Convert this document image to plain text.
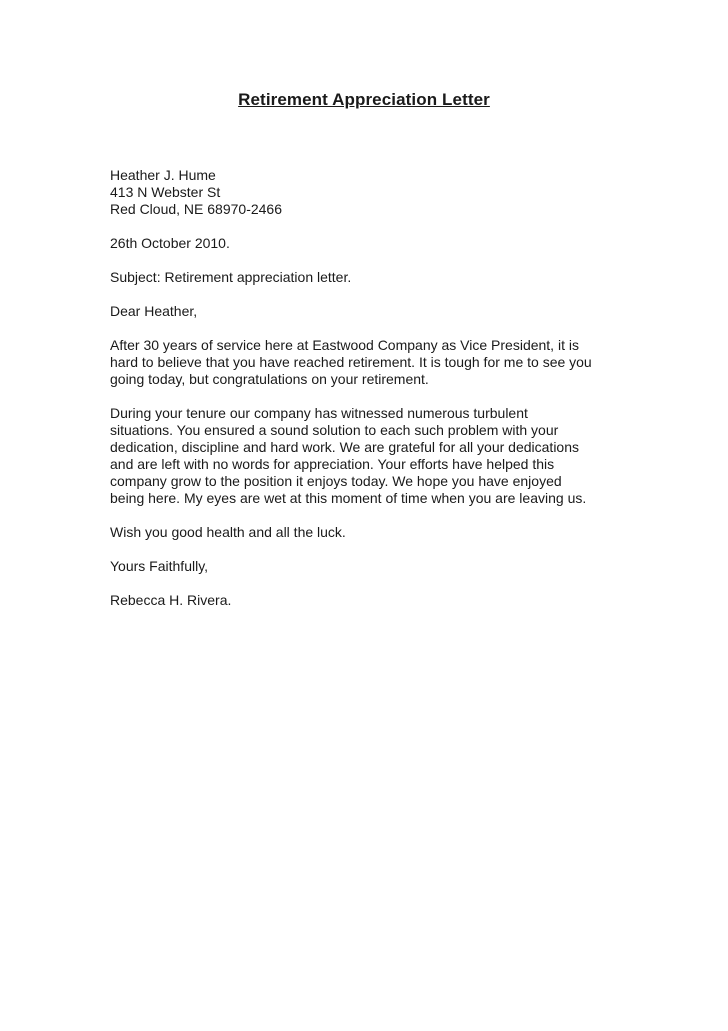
Retirement Appreciation Letter
Heather J. Hume
413 N Webster St
Red Cloud, NE 68970-2466
26th October 2010.
Subject: Retirement appreciation letter.
Dear Heather,
After 30 years of service here at Eastwood Company as Vice President, it is
hard to believe that you have reached retirement. It is tough for me to see you
going today, but congratulations on your retirement.
During your tenure our company has witnessed numerous turbulent
situations. You ensured a sound solution to each such problem with your
dedication, discipline and hard work. We are grateful for all your dedications
and are left with no words for appreciation. Your efforts have helped this
company grow to the position it enjoys today. We hope you have enjoyed
being here. My eyes are wet at this moment of time when you are leaving us.
Wish you good health and all the luck.
Yours Faithfully,
Rebecca H. Rivera.
